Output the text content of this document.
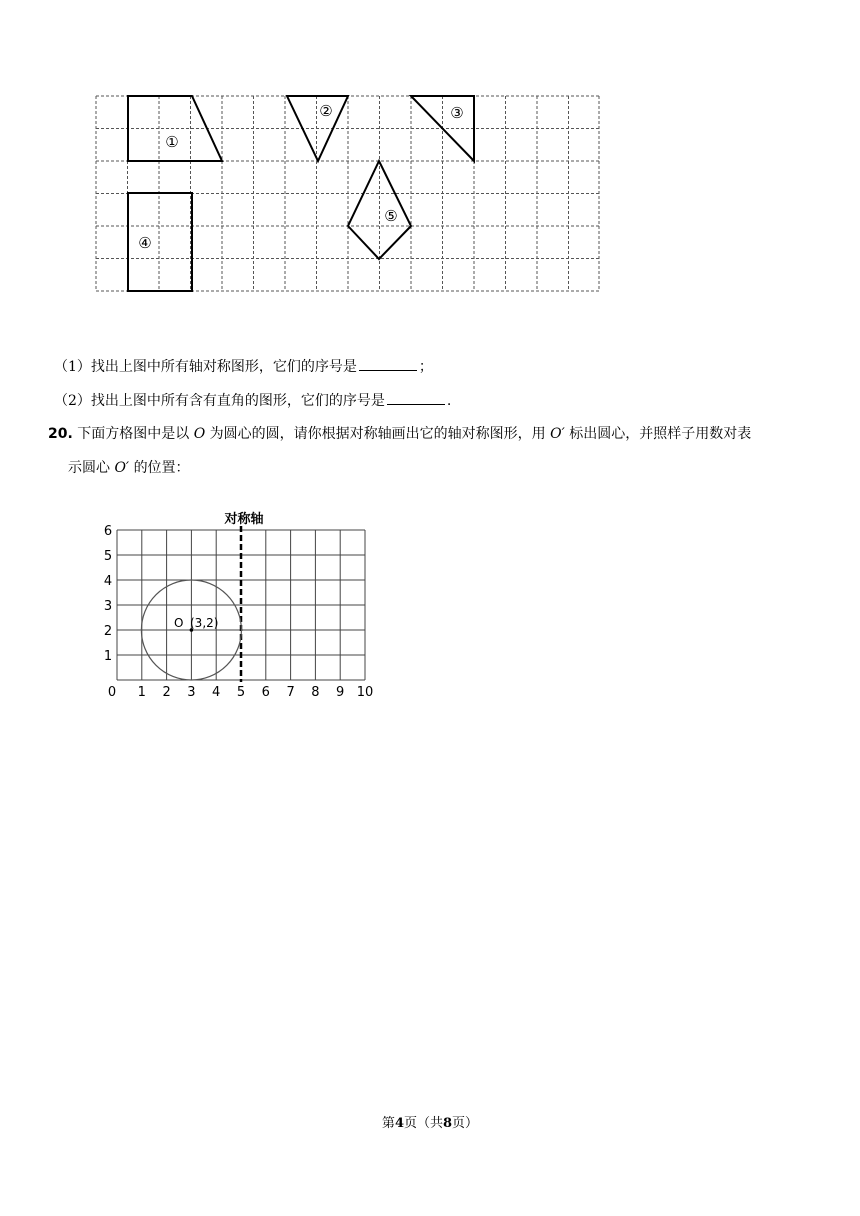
①
②	③
④
⑤
（1）找出上图中所有轴对称图形，它们的序号是	；
（2）找出上图中所有含有直角的图形，它们的序号是	.
20. 下面方格图中是以 O 为圆心的圆，请你根据对称轴画出它的轴对称图形，用 O′ 标出圆心，并照样子用数对表
示圆心 O′ 的位置：
对称轴
O (3,2)
6
5
4
3
2
1
0 1 2 3 4 5 6 7 8 9 10
第4页（共8页）
